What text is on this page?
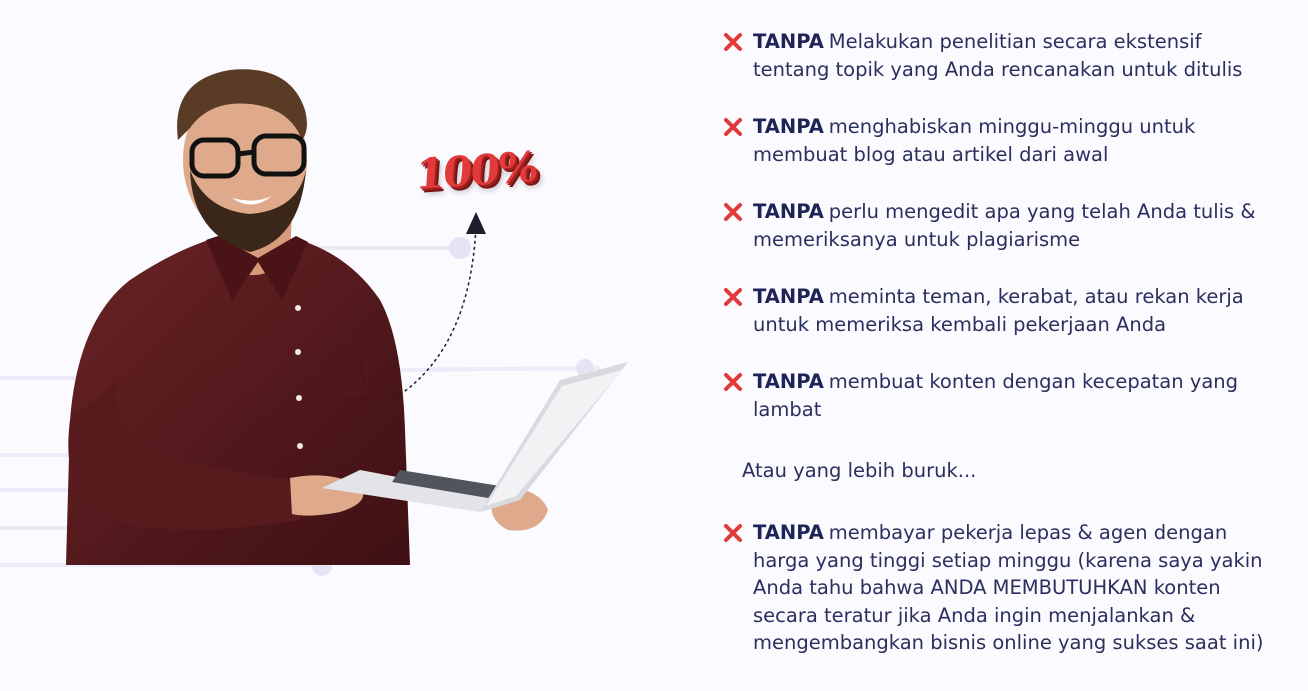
100%
TANPA Melakukan penelitian secara ekstensif tentang topik yang Anda rencanakan untuk ditulis
TANPA menghabiskan minggu-minggu untuk membuat blog atau artikel dari awal
TANPA perlu mengedit apa yang telah Anda tulis & memeriksanya untuk plagiarisme
TANPA meminta teman, kerabat, atau rekan kerja untuk memeriksa kembali pekerjaan Anda
TANPA membuat konten dengan kecepatan yang lambat
Atau yang lebih buruk...
TANPA membayar pekerja lepas & agen dengan harga yang tinggi setiap minggu (karena saya yakin Anda tahu bahwa ANDA MEMBUTUHKAN konten secara teratur jika Anda ingin menjalankan & mengembangkan bisnis online yang sukses saat ini)
